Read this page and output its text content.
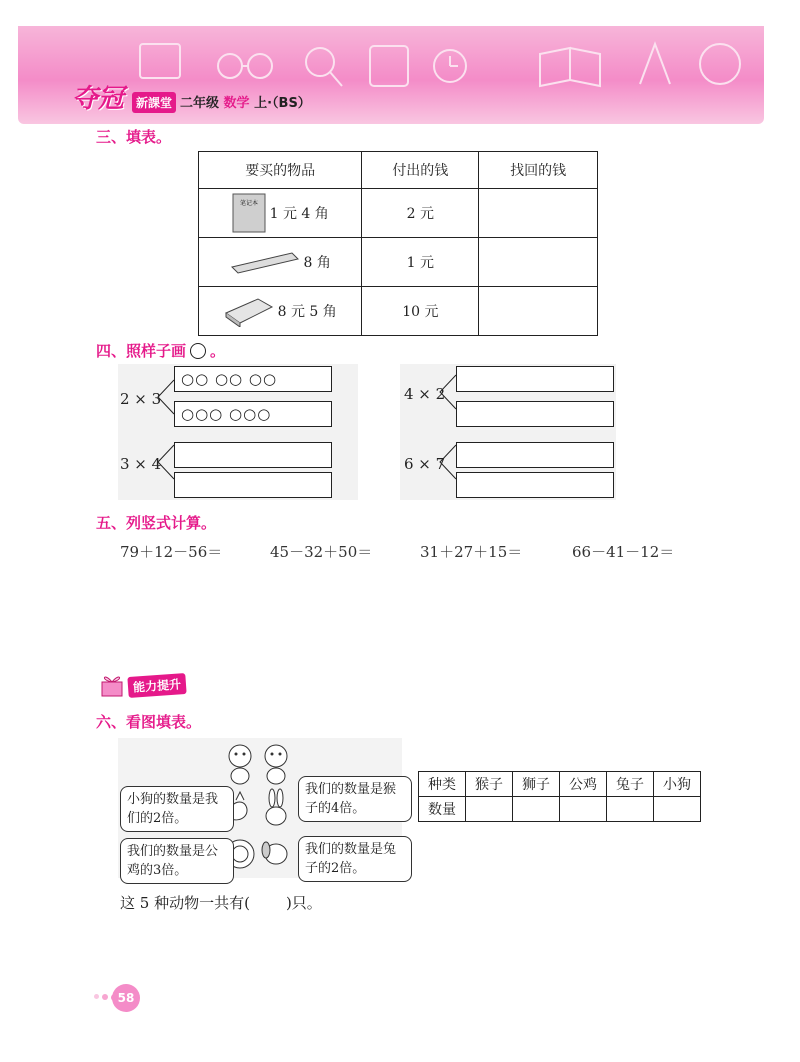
夺冠 新課堂 二年级 数学 上·（BS）
三、填表。
要买的物品	付出的钱	找回的钱

笔记本
1 元 4 角	2 元	

8 角	1 元	

8 元 5 角	10 元	
四、照样子画 。
2 × 3
○○ ○○ ○○
○○○ ○○○
4 × 2
3 × 4	6 × 7
五、列竖式计算。
79＋12－56＝	45－32＋50＝	31＋27＋15＝	66－41－12＝
能力提升
六、看图填表。
小狗的数量是我们的2倍。
我们的数量是猴子的4倍。
我们的数量是公鸡的3倍。
我们的数量是兔子的2倍。
种类	猴子	狮子	公鸡	兔子	小狗
数量					
这 5 种动物一共有( )只。
58
